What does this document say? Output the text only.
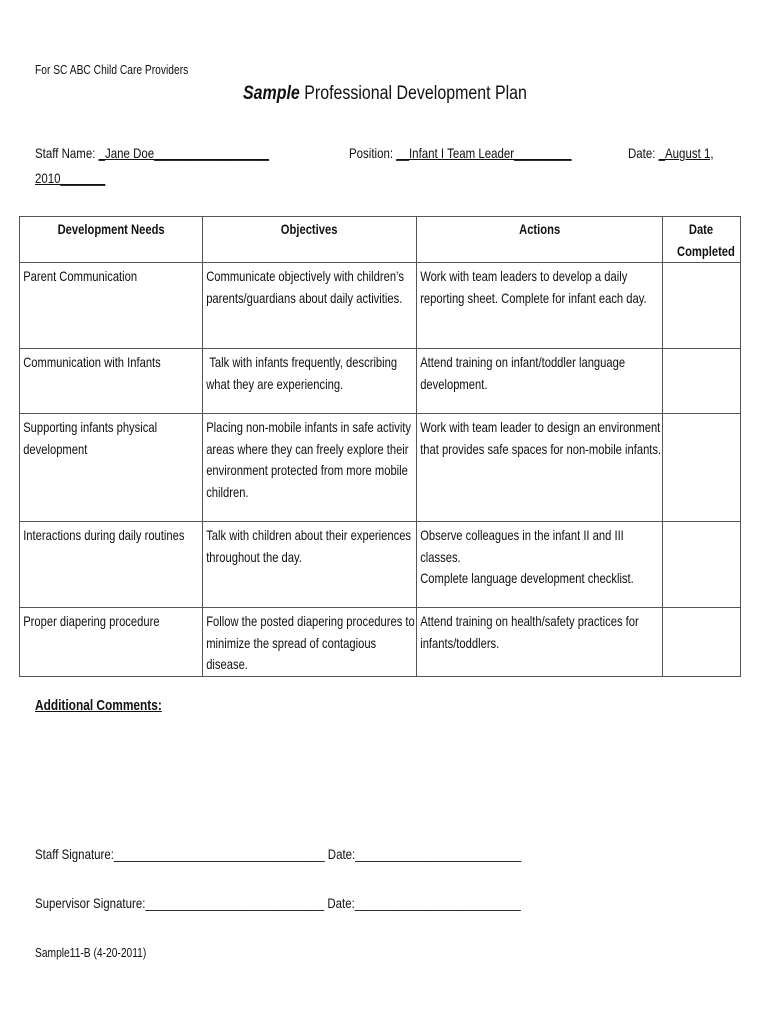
For SC ABC Child Care Providers
Sample Professional Development Plan
Staff Name: _Jane Doe__________________	Position: __Infant I Team Leader_________	Date: _August 1,
2010_______
Development Needs	Objectives	Actions	Date Completed

Parent Communication	Communicate objectively with children’s parents/guardians about daily activities.	Work with team leaders to develop a daily reporting sheet. Complete for infant each day.	

Communication with Infants	Talk with infants frequently, describing what they are experiencing.	Attend training on infant/toddler language development.	

Supporting infants physical development	Placing non-mobile infants in safe activity areas where they can freely explore their environment protected from more mobile children.	Work with team leader to design an environment that provides safe spaces for non-mobile infants.	

Interactions during daily routines	Talk with children about their experiences throughout the day.	Observe colleagues in the infant II and III classes.
Complete language development checklist.	

Proper diapering procedure	Follow the posted diapering procedures to minimize the spread of contagious disease.	Attend training on health/safety practices for infants/toddlers.	

Additional Comments:
Staff Signature:_________________________________ Date:__________________________
Supervisor Signature:____________________________ Date:__________________________
Sample11-B (4-20-2011)
